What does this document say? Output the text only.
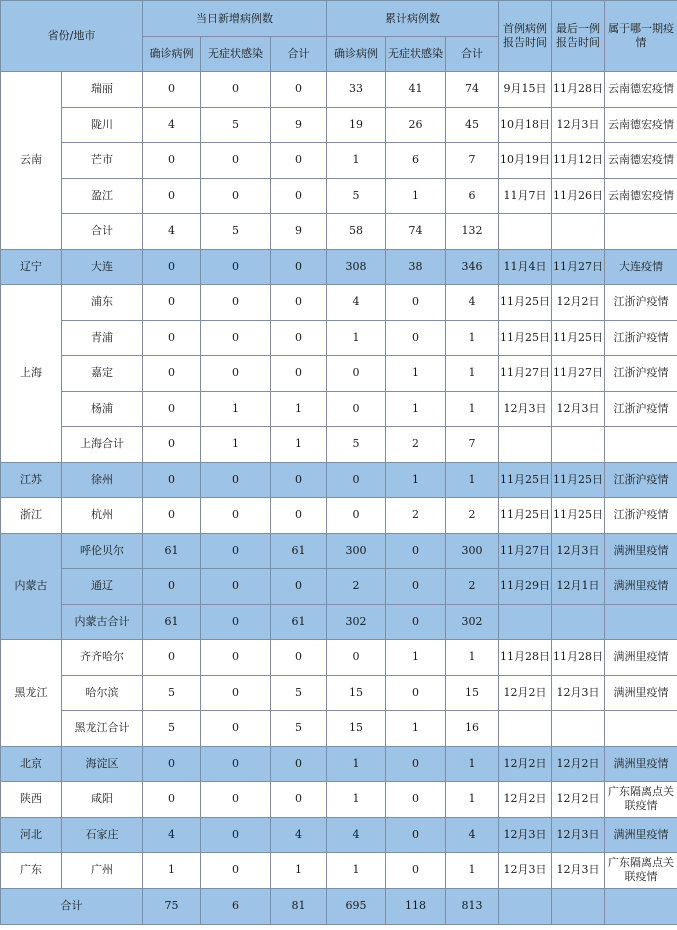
省份/地市		当日新增病例数			累计病例数			首例病例报告时间	最后一例报告时间	属于哪一期疫情
		确诊病例	无症状感染	合计	确诊病例	无症状感染	合计			
云南	瑞丽	0	0	0	33	41	74	9月15日	11月28日	云南德宏疫情
	陇川	4	5	9	19	26	45	10月18日	12月3日	云南德宏疫情
	芒市	0	0	0	1	6	7	10月19日	11月12日	云南德宏疫情
	盈江	0	0	0	5	1	6	11月7日	11月26日	云南德宏疫情
	合计	4	5	9	58	74	132			
辽宁	大连	0	0	0	308	38	346	11月4日	11月27日	大连疫情
上海	浦东	0	0	0	4	0	4	11月25日	12月2日	江浙沪疫情
	青浦	0	0	0	1	0	1	11月25日	11月25日	江浙沪疫情
	嘉定	0	0	0	0	1	1	11月27日	11月27日	江浙沪疫情
	杨浦	0	1	1	0	1	1	12月3日	12月3日	江浙沪疫情
	上海合计	0	1	1	5	2	7			
江苏	徐州	0	0	0	0	1	1	11月25日	11月25日	江浙沪疫情
浙江	杭州	0	0	0	0	2	2	11月25日	11月25日	江浙沪疫情
内蒙古	呼伦贝尔	61	0	61	300	0	300	11月27日	12月3日	满洲里疫情
	通辽	0	0	0	2	0	2	11月29日	12月1日	满洲里疫情
	内蒙古合计	61	0	61	302	0	302			
黑龙江	齐齐哈尔	0	0	0	0	1	1	11月28日	11月28日	满洲里疫情
	哈尔滨	5	0	5	15	0	15	12月2日	12月3日	满洲里疫情
	黑龙江合计	5	0	5	15	1	16			
北京	海淀区	0	0	0	1	0	1	12月2日	12月2日	满洲里疫情
陕西	咸阳	0	0	0	1	0	1	12月2日	12月2日	广东隔离点关联疫情
河北	石家庄	4	0	4	4	0	4	12月3日	12月3日	满洲里疫情
广东	广州	1	0	1	1	0	1	12月3日	12月3日	广东隔离点关联疫情
合计		75	6	81	695	118	813			
